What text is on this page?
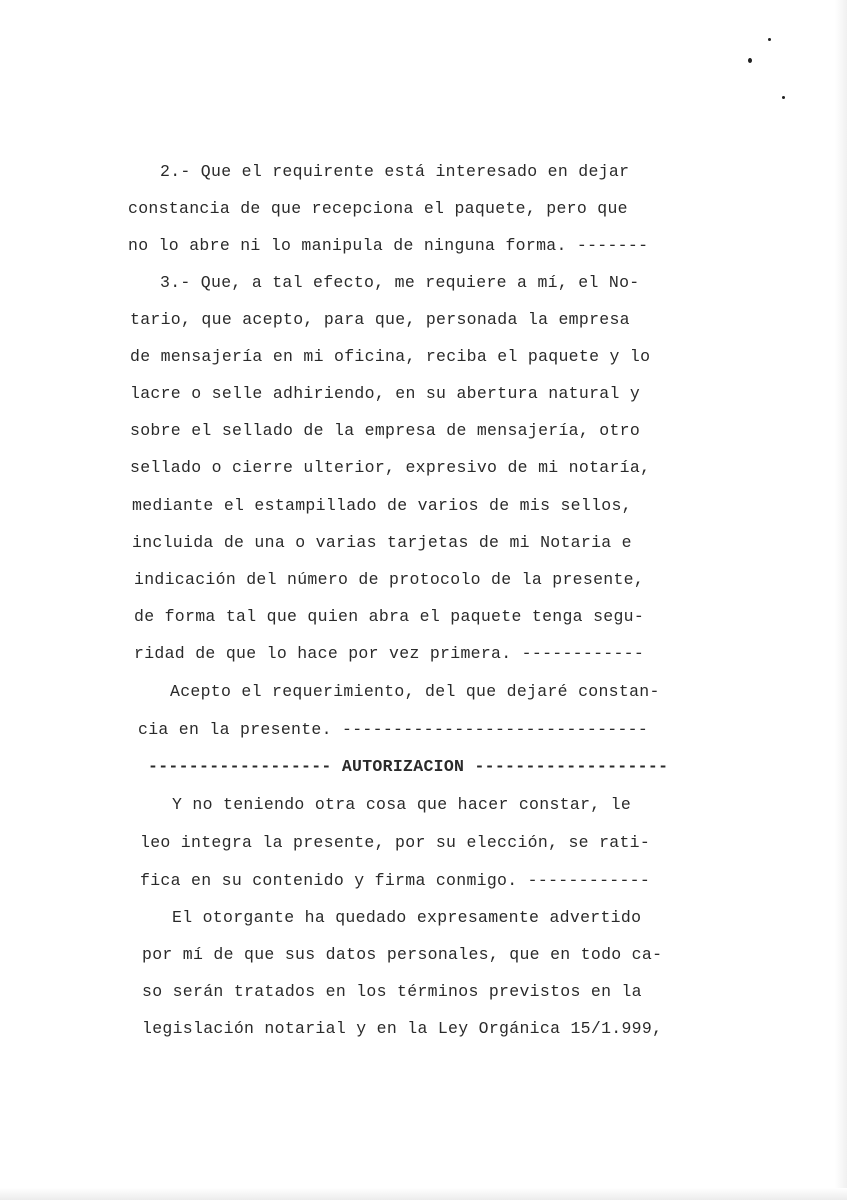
2.- Que el requirente está interesado en dejar

constancia de que recepciona el paquete, pero que

no lo abre ni lo manipula de ninguna forma. -------

3.- Que, a tal efecto, me requiere a mí, el No-

tario, que acepto, para que, personada la empresa

de mensajería en mi oficina, reciba el paquete y lo

lacre o selle adhiriendo, en su abertura natural y

sobre el sellado de la empresa de mensajería, otro

sellado o cierre ulterior, expresivo de mi notaría,

mediante el estampillado de varios de mis sellos,

incluida de una o varias tarjetas de mi Notaria e

indicación del número de protocolo de la presente,

de forma tal que quien abra el paquete tenga segu-

ridad de que lo hace por vez primera. ------------

Acepto el requerimiento, del que dejaré constan-

cia en la presente. ------------------------------

------------------ AUTORIZACION -------------------

Y no teniendo otra cosa que hacer constar, le

leo integra la presente, por su elección, se rati-

fica en su contenido y firma conmigo. ------------

El otorgante ha quedado expresamente advertido

por mí de que sus datos personales, que en todo ca-

so serán tratados en los términos previstos en la

legislación notarial y en la Ley Orgánica 15/1.999,
